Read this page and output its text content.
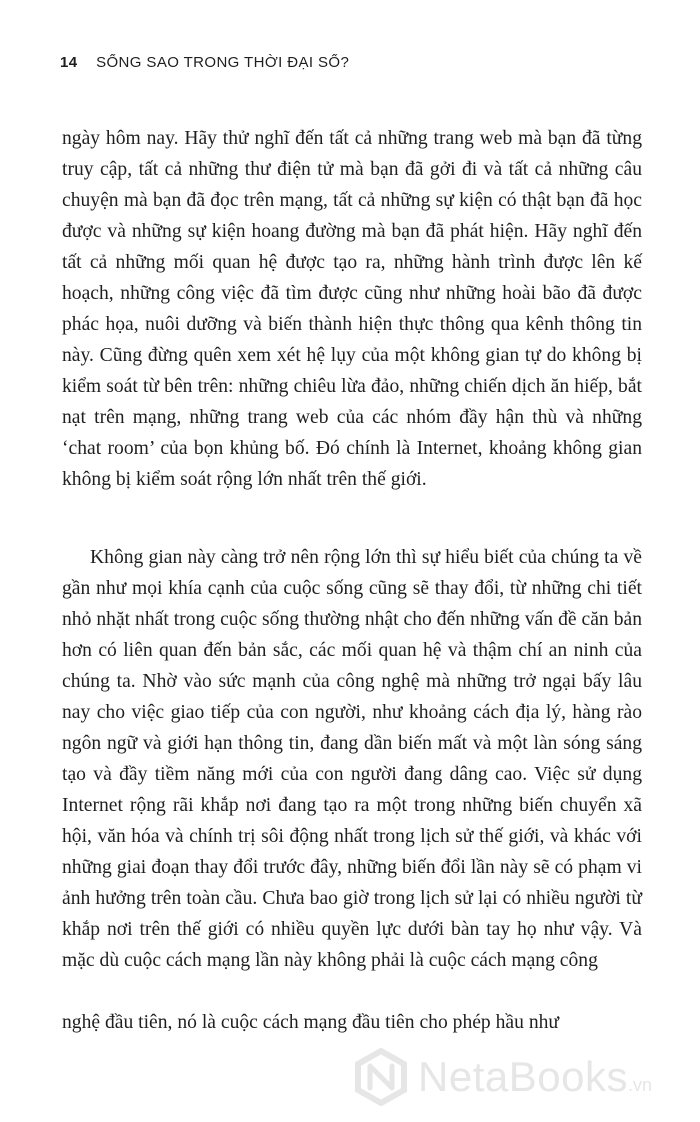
14 SỐNG SAO TRONG THỜI ĐẠI SỐ?

ngày hôm nay. Hãy thử nghĩ đến tất cả những trang web mà bạn đã từng truy cập, tất cả những thư điện tử mà bạn đã gởi đi và tất cả những câu chuyện mà bạn đã đọc trên mạng, tất cả những sự kiện có thật bạn đã học được và những sự kiện hoang đường mà bạn đã phát hiện. Hãy nghĩ đến tất cả những mối quan hệ được tạo ra, những hành trình được lên kế hoạch, những công việc đã tìm được cũng như những hoài bão đã được phác họa, nuôi dưỡng và biến thành hiện thực thông qua kênh thông tin này. Cũng đừng quên xem xét hệ lụy của một không gian tự do không bị kiểm soát từ bên trên: những chiêu lừa đảo, những chiến dịch ăn hiếp, bắt nạt trên mạng, những trang web của các nhóm đầy hận thù và những ‘chat room’ của bọn khủng bố. Đó chính là Internet, khoảng không gian không bị kiểm soát rộng lớn nhất trên thế giới.

Không gian này càng trở nên rộng lớn thì sự hiểu biết của chúng ta về gần như mọi khía cạnh của cuộc sống cũng sẽ thay đổi, từ những chi tiết nhỏ nhặt nhất trong cuộc sống thường nhật cho đến những vấn đề căn bản hơn có liên quan đến bản sắc, các mối quan hệ và thậm chí an ninh của chúng ta. Nhờ vào sức mạnh của công nghệ mà những trở ngại bấy lâu nay cho việc giao tiếp của con người, như khoảng cách địa lý, hàng rào ngôn ngữ và giới hạn thông tin, đang dần biến mất và một làn sóng sáng tạo và đầy tiềm năng mới của con người đang dâng cao. Việc sử dụng Internet rộng rãi khắp nơi đang tạo ra một trong những biến chuyển xã hội, văn hóa và chính trị sôi động nhất trong lịch sử thế giới, và khác với những giai đoạn thay đổi trước đây, những biến đổi lần này sẽ có phạm vi ảnh hưởng trên toàn cầu. Chưa bao giờ trong lịch sử lại có nhiều người từ khắp nơi trên thế giới có nhiều quyền lực dưới bàn tay họ như vậy. Và mặc dù cuộc cách mạng lần này không phải là cuộc cách mạng công

nghệ đầu tiên, nó là cuộc cách mạng đầu tiên cho phép hầu như

NetaBooks.vn
